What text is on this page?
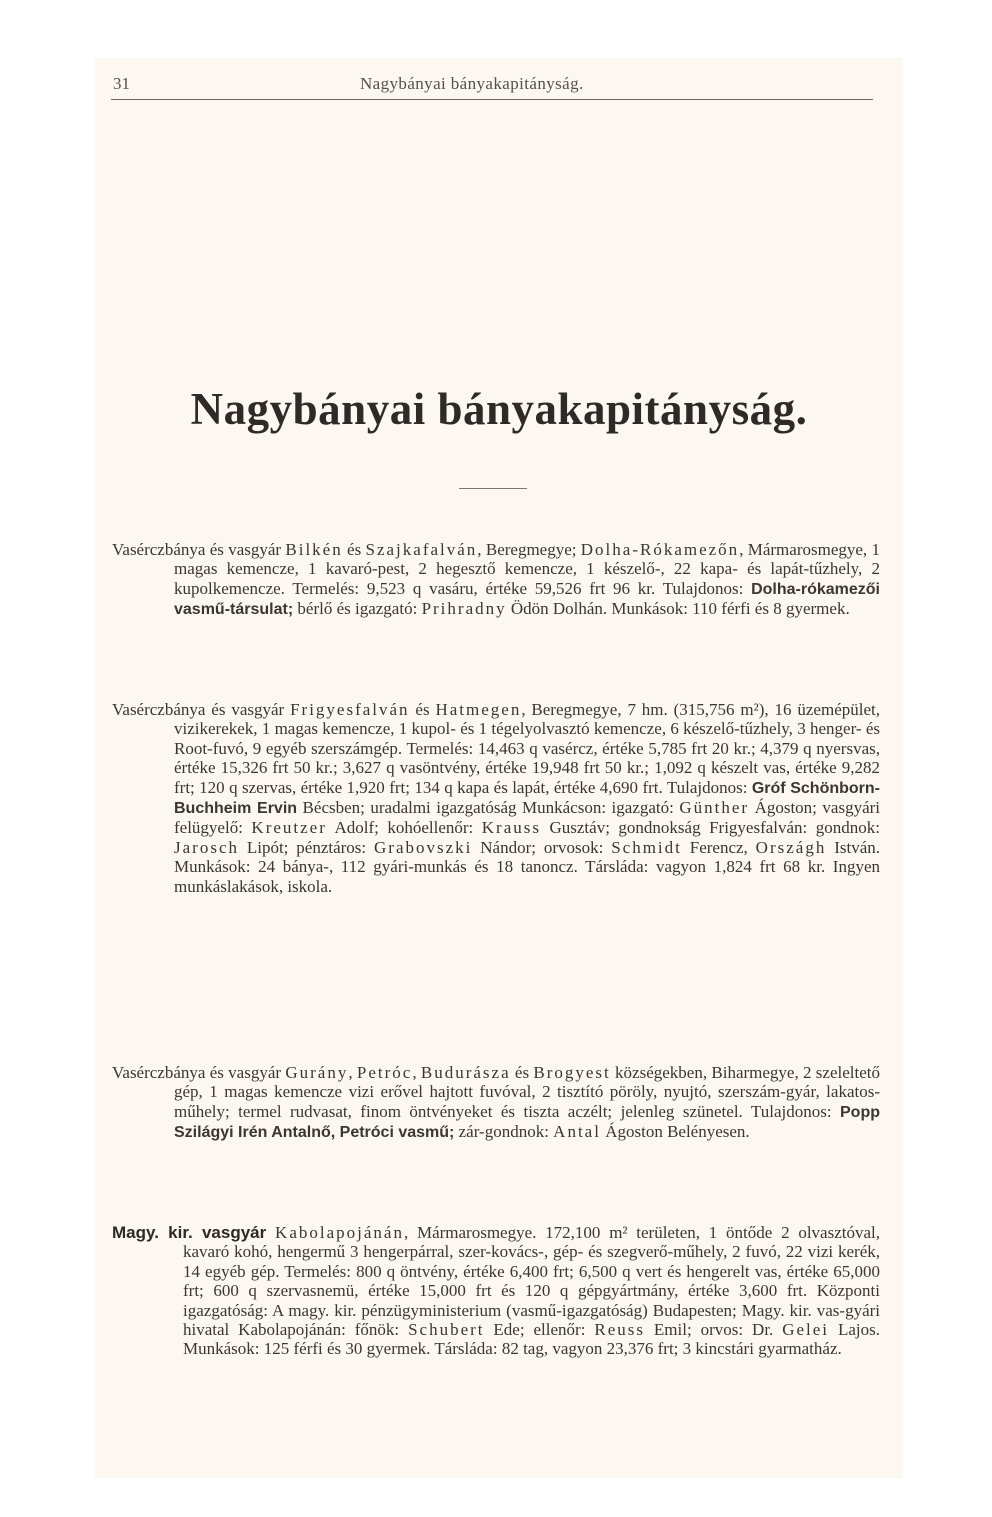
31	Nagybányai bányakapitányság.
Nagybányai bányakapitányság.

Vasérczbánya és vasgyár Bilkén és Szajkafalván, Beregmegye; Dolha-Rókamezőn, Mármarosmegye, 1 magas kemencze, 1 kavaró-pest, 2 hegesztő kemencze, 1 készelő-, 22 kapa- és lapát-tűzhely, 2 kupolkemencze. Termelés: 9,523 q vasáru, értéke 59,526 frt 96 kr. Tulajdonos: Dolha-rókamezői vasmű-társulat; bérlő és igazgató: Prihradny Ödön Dolhán. Munkások: 110 férfi és 8 gyermek.

Vasérczbánya és vasgyár Frigyesfalván és Hatmegen, Beregmegye, 7 hm. (315,756 m²), 16 üzemépület, vizikerekek, 1 magas kemencze, 1 kupol- és 1 tégelyolvasztó kemencze, 6 készelő-tűzhely, 3 henger- és Root-fuvó, 9 egyéb szerszámgép. Termelés: 14,463 q vasércz, értéke 5,785 frt 20 kr.; 4,379 q nyersvas, értéke 15,326 frt 50 kr.; 3,627 q vasöntvény, értéke 19,948 frt 50 kr.; 1,092 q készelt vas, értéke 9,282 frt; 120 q szervas, értéke 1,920 frt; 134 q kapa és lapát, értéke 4,690 frt. Tulajdonos: Gróf Schönborn-Buchheim Ervin Bécsben; uradalmi igazgatóság Munkácson: igazgató: Günther Ágoston; vasgyári felügyelő: Kreutzer Adolf; kohóellenőr: Krauss Gusztáv; gondnokság Frigyesfalván: gondnok: Jarosch Lipót; pénztáros: Grabovszki Nándor; orvosok: Schmidt Ferencz, Országh István. Munkások: 24 bánya-, 112 gyári-munkás és 18 tanoncz. Társláda: vagyon 1,824 frt 68 kr. Ingyen munkáslakások, iskola.

Vasérczbánya és vasgyár Gurány, Petróc, Budurásza és Brogyest községekben, Biharmegye, 2 szeleltető gép, 1 magas kemencze vizi erővel hajtott fuvóval, 2 tisztító pöröly, nyujtó, szerszám-gyár, lakatos-műhely; termel rudvasat, finom öntvényeket és tiszta aczélt; jelenleg szünetel. Tulajdonos: Popp Szilágyi Irén Antalnő, Petróci vasmű; zár-gondnok: Antal Ágoston Belényesen.

Magy. kir. vasgyár Kabolapojánán, Mármarosmegye. 172,100 m² területen, 1 öntőde 2 olvasztóval, kavaró kohó, hengermű 3 hengerpárral, szer-kovács-, gép- és szegverő-műhely, 2 fuvó, 22 vizi kerék, 14 egyéb gép. Termelés: 800 q öntvény, értéke 6,400 frt; 6,500 q vert és hengerelt vas, értéke 65,000 frt; 600 q szervasnemü, értéke 15,000 frt és 120 q gépgyártmány, értéke 3,600 frt. Központi igazgatóság: A magy. kir. pénzügyministerium (vasmű-igazgatóság) Budapesten; Magy. kir. vas-gyári hivatal Kabolapojánán: főnök: Schubert Ede; ellenőr: Reuss Emil; orvos: Dr. Gelei Lajos. Munkások: 125 férfi és 30 gyermek. Társláda: 82 tag, vagyon 23,376 frt; 3 kincstári gyarmatház.
